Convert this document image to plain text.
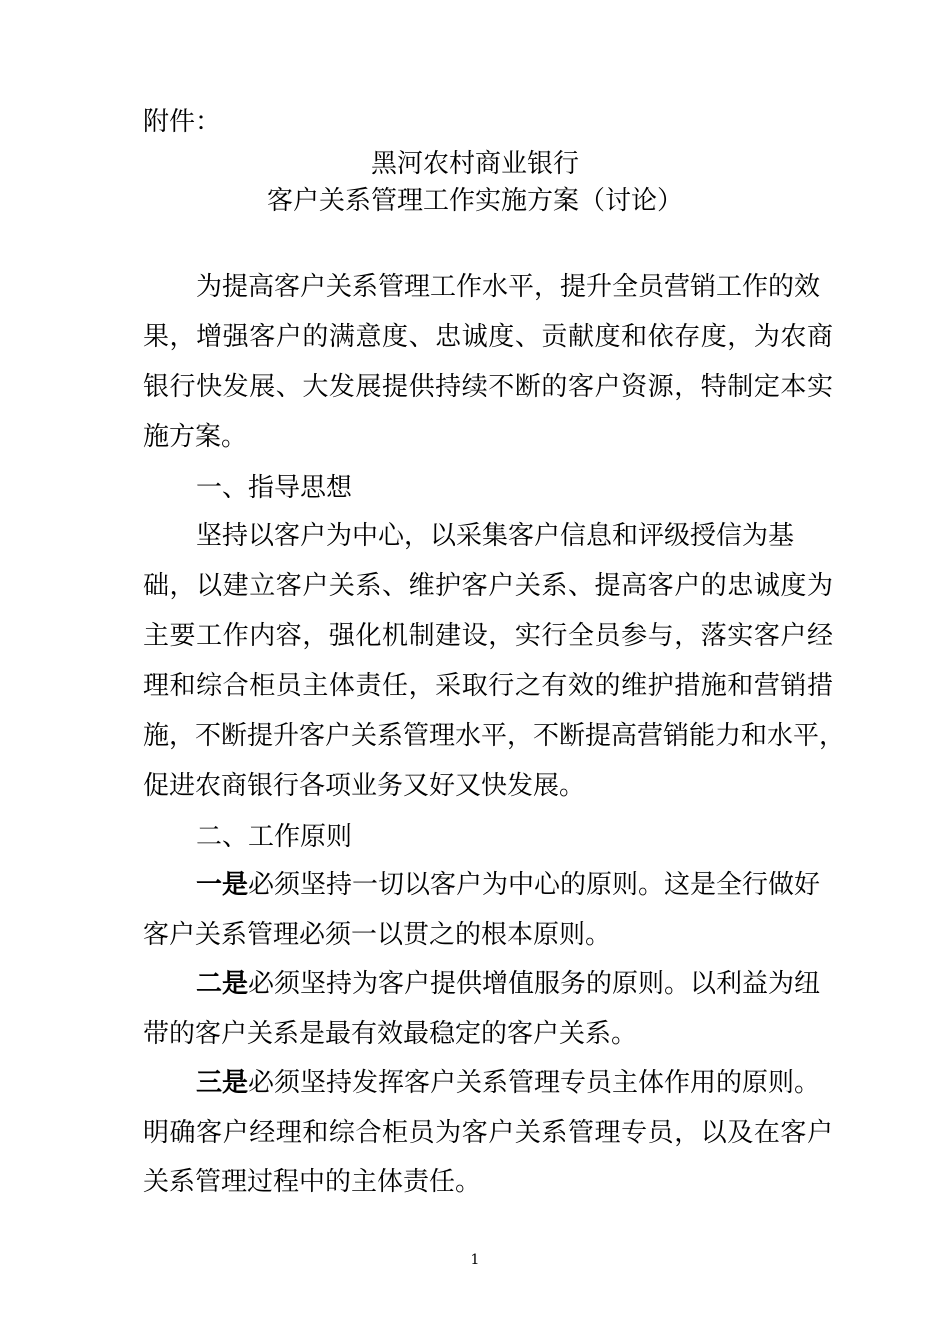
附件：
黑河农村商业银行
客户关系管理工作实施方案（讨论）
为提高客户关系管理工作水平，提升全员营销工作的效
果，增强客户的满意度、忠诚度、贡献度和依存度，为农商
银行快发展、大发展提供持续不断的客户资源，特制定本实
施方案。
一、指导思想
坚持以客户为中心，以采集客户信息和评级授信为基
础，以建立客户关系、维护客户关系、提高客户的忠诚度为
主要工作内容，强化机制建设，实行全员参与，落实客户经
理和综合柜员主体责任，采取行之有效的维护措施和营销措
施，不断提升客户关系管理水平，不断提高营销能力和水平，
促进农商银行各项业务又好又快发展。
二、工作原则
一是必须坚持一切以客户为中心的原则。这是全行做好
客户关系管理必须一以贯之的根本原则。
二是必须坚持为客户提供增值服务的原则。以利益为纽
带的客户关系是最有效最稳定的客户关系。
三是必须坚持发挥客户关系管理专员主体作用的原则。
明确客户经理和综合柜员为客户关系管理专员，以及在客户
关系管理过程中的主体责任。
1
